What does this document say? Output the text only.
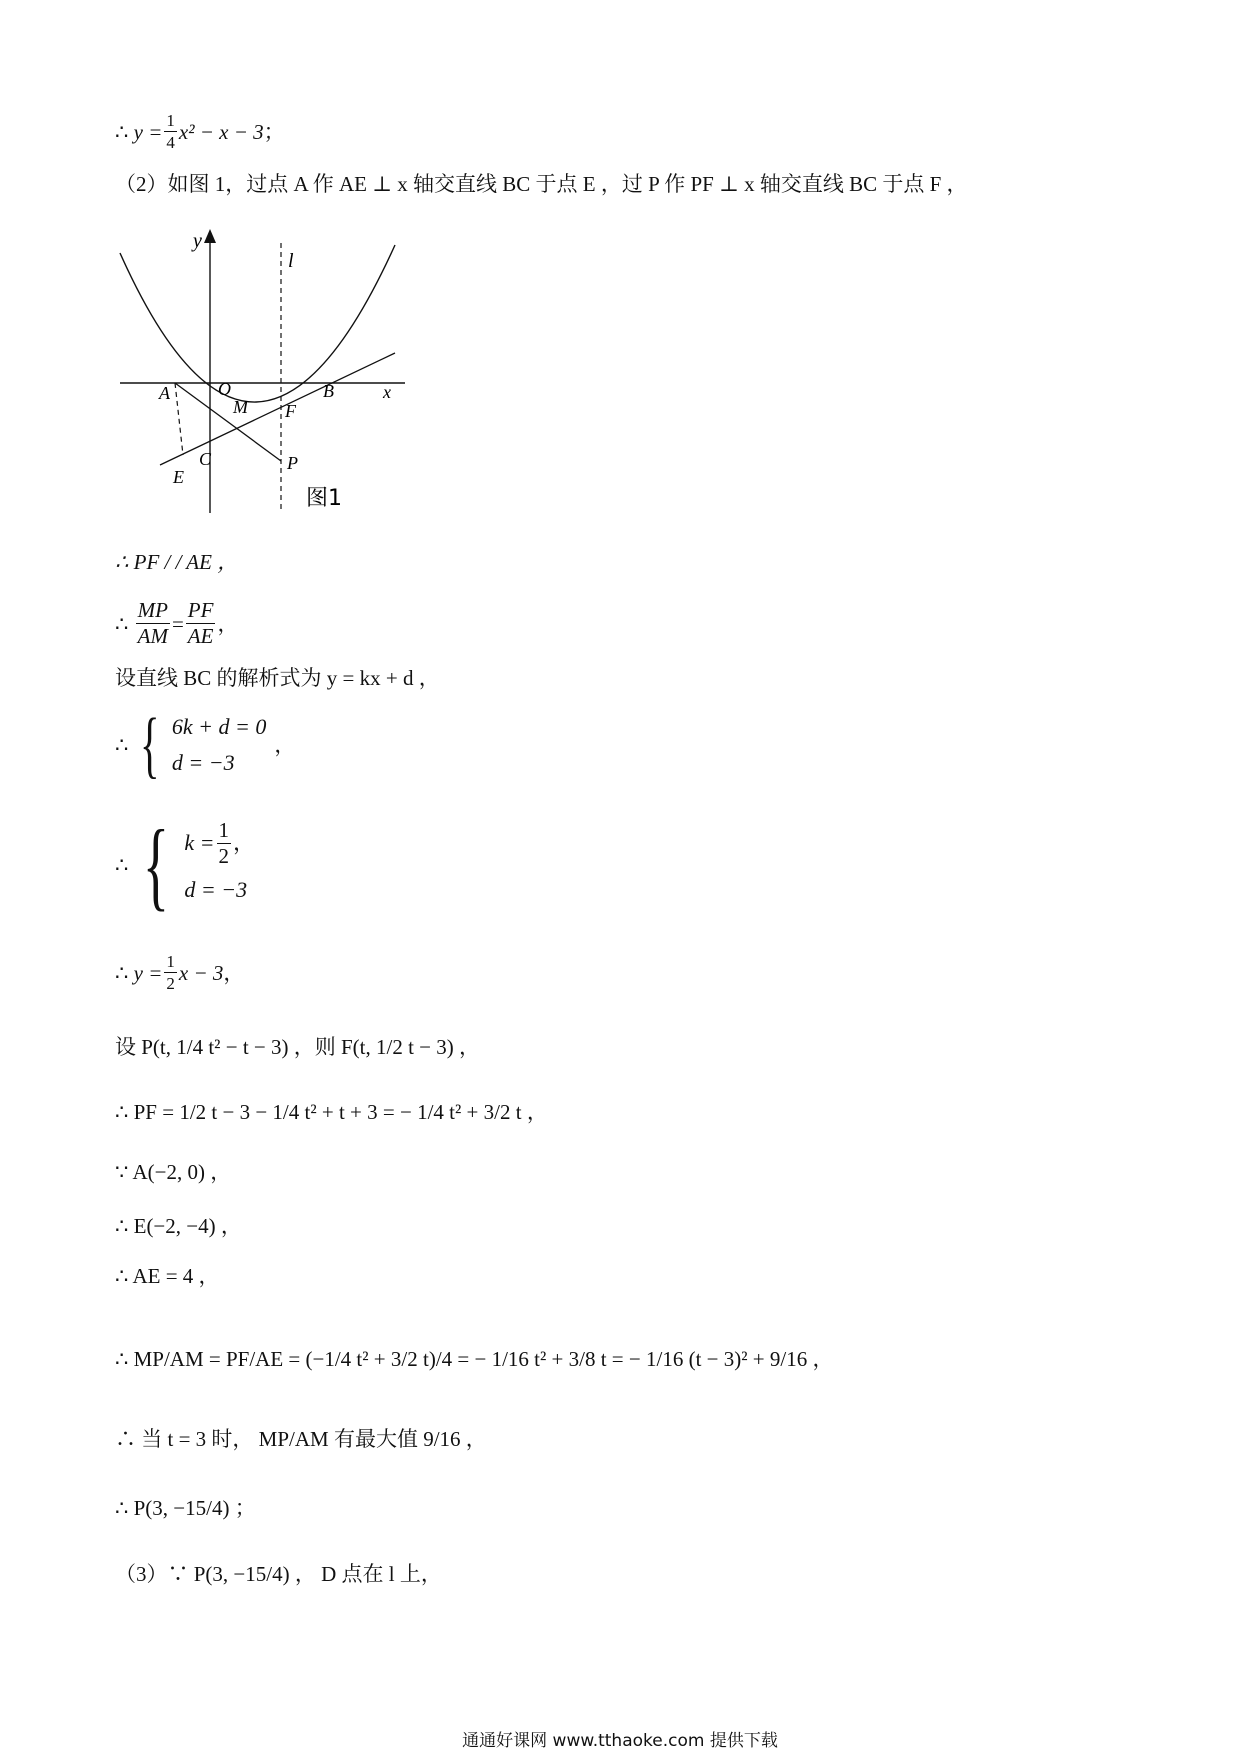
∴
$y = \frac{1}{4} x^2 - x - 3$ ；
（2）如图 1，过点 A 作 AE ⊥ x 轴交直线 BC 于点 E ，过 P 作 PF ⊥ x 轴交直线 BC 于点 F ，
y
x
l
A	O	B
M F
C	P
E
图1
∴ PF / / AE ，
∴
$\frac{MP}{AM} = \frac{PF}{AE}$ ，
设直线 BC 的解析式为 y = kx + d ，
∴ { 6k + d = 0
d = −3
，
∴ { $k = \frac{1}{2}$ ，
d = −3
∴
$y = \frac{1}{2}$ x − 3 ，
设 P(t, 1/4 t² − t − 3) ，则 F(t, 1/2 t − 3) ，
∴ PF = 1/2 t − 3 − 1/4 t² + t + 3 = − 1/4 t² + 3/2 t ，
∵ A(−2, 0) ，
∴ E(−2, −4) ，
∴ AE = 4 ，
∴ MP/AM = PF/AE = (−1/4 t² + 3/2 t)/4 = − 1/16 t² + 3/8 t = − 1/16 (t − 3)² + 9/16 ，
∴ 当 t = 3 时， MP/AM 有最大值 9/16 ，
∴ P(3, −15/4) ；
（3）∵ P(3, −15/4) ， D 点在 l 上，
通通好课网 www.tthaoke.com 提供下载
